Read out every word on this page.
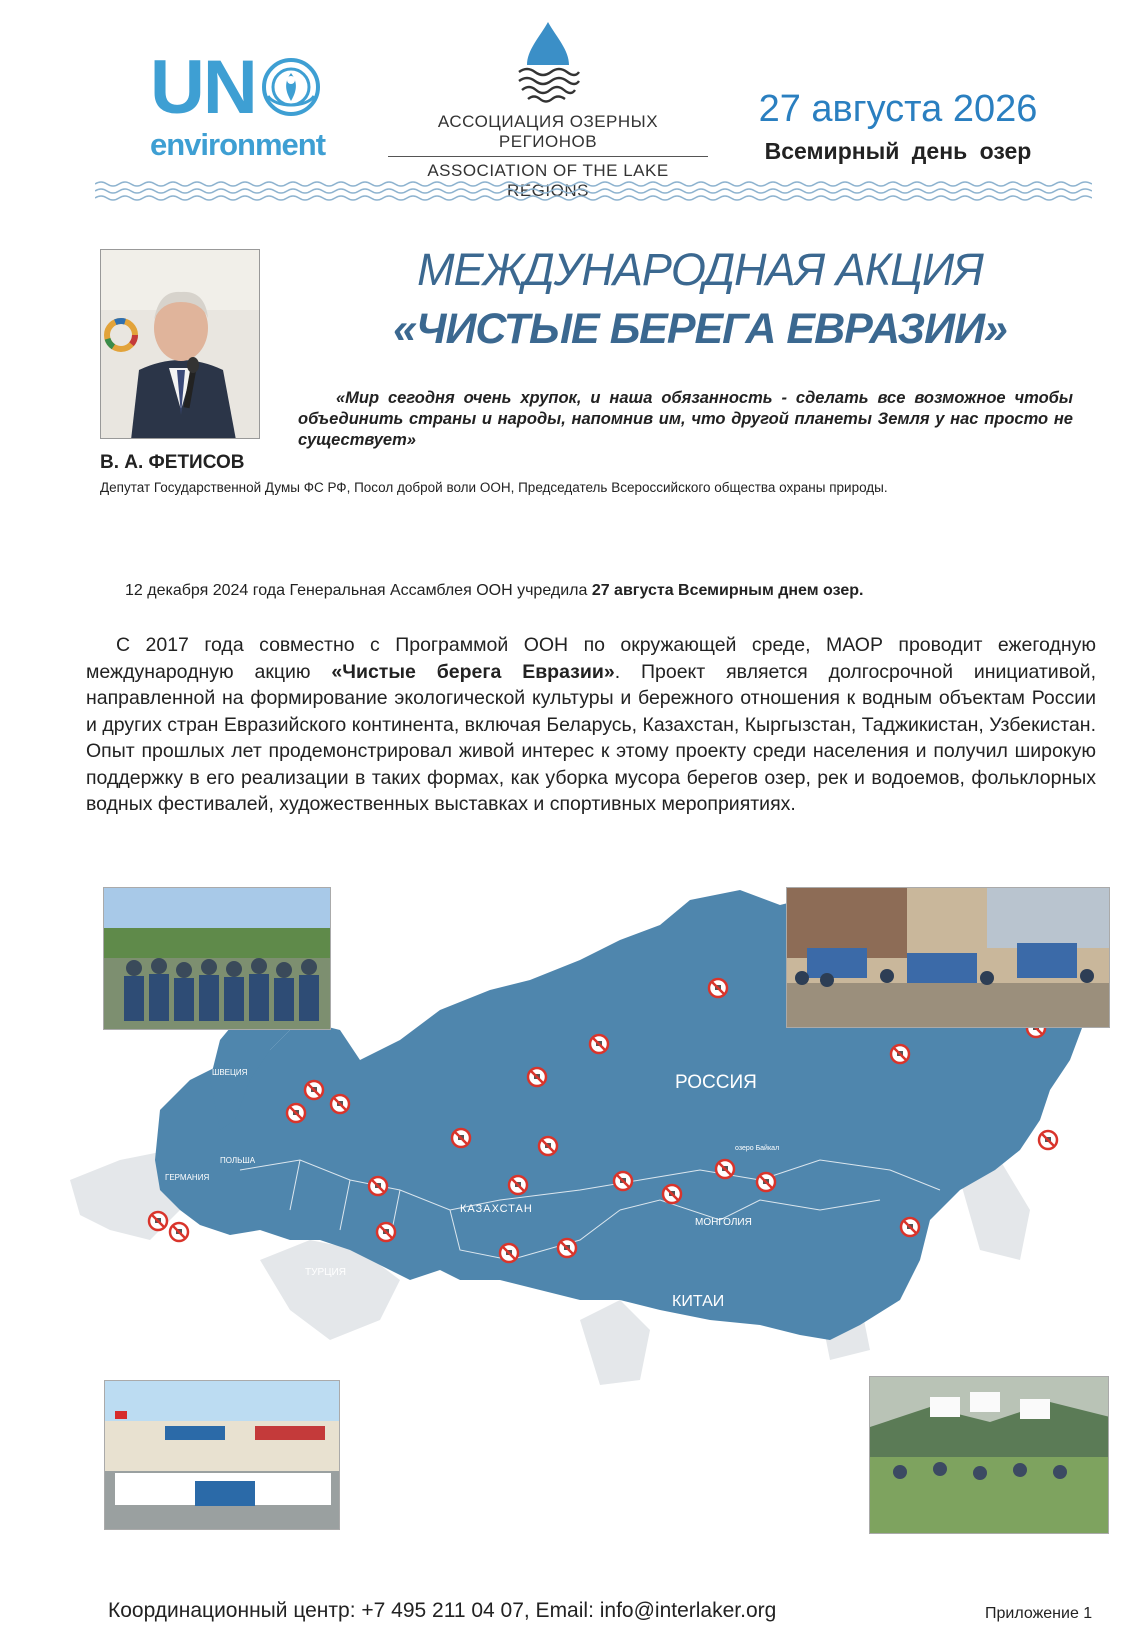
UN
environment
АССОЦИАЦИЯ ОЗЕРНЫХ РЕГИОНОВ
ASSOCIATION OF THE LAKE REGIONS
27 августа 2026
Всемирный день озер
МЕЖДУНАРОДНАЯ АКЦИЯ
«ЧИСТЫЕ БЕРЕГА ЕВРАЗИИ»
«Мир сегодня очень хрупок, и наша обязанность - сделать все возможное чтобы объединить страны и народы, напомнив им, что другой планеты Земля у нас просто не существует»
В. А. ФЕТИСОВ
Депутат Государственной Думы ФС РФ, Посол доброй воли ООН, Председатель Всероссийского общества охраны природы.
12 декабря 2024 года Генеральная Ассамблея ООН учредила 27 августа Всемирным днем озер.
С 2017 года совместно с Программой ООН по окружающей среде, МАОР проводит ежегодную международную акцию «Чистые берега Евразии». Проект является долгосрочной инициативой, направленной на формирование экологической культуры и бережного отношения к водным объектам России и других стран Евразийского континента, включая Беларусь, Казахстан, Кыргызстан, Таджикистан, Узбекистан. Опыт прошлых лет продемонстрировал живой интерес к этому проекту среди населения и получил широкую поддержку в его реализации в таких формах, как уборка мусора берегов озер, рек и водоемов, фольклорных водных фестивалей, художественных выставках и спортивных мероприятиях.
РОССИЯ
КАЗАХСТАН
КИТАИ
МОНГОЛИЯ
ТУРЦИЯ
ГЕРМАНИЯ
ПОЛЬША
ШВЕЦИЯ
озеро Байкал
Координационный центр: +7 495 211 04 07, Email: info@interlaker.org	Приложение 1
